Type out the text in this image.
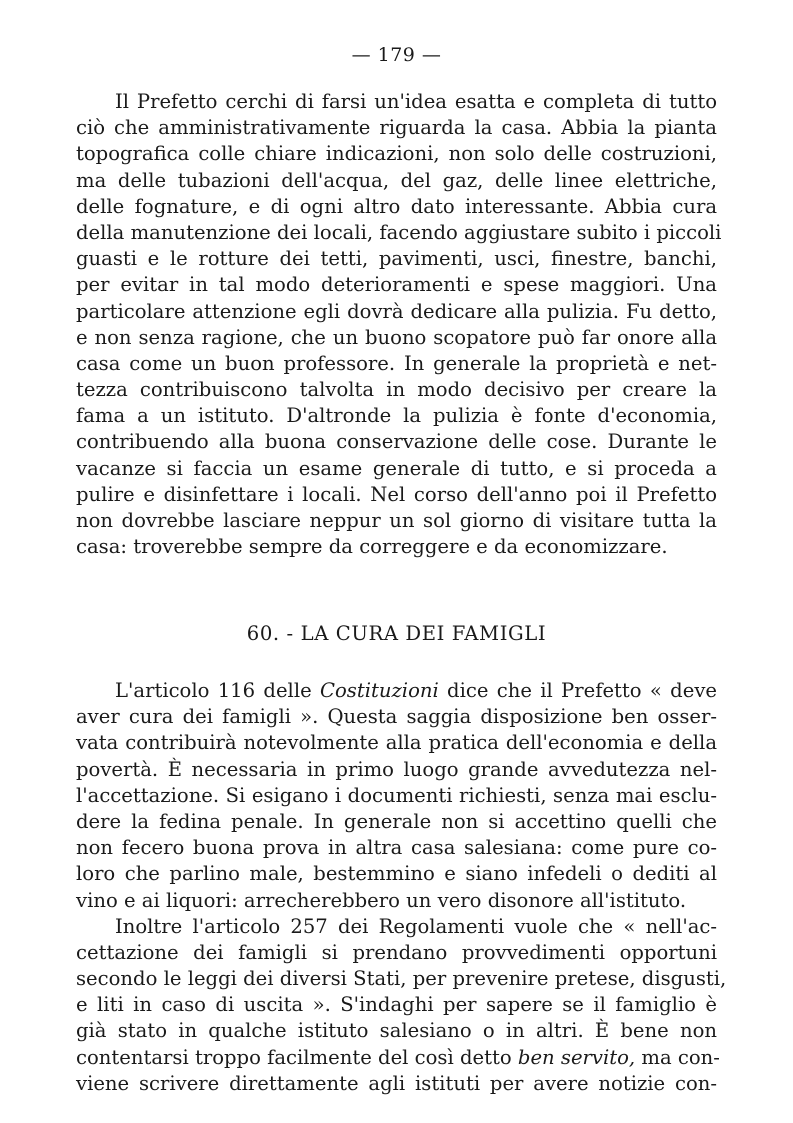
— 179 —
Il Prefetto cerchi di farsi un'idea esatta e completa di tutto
ciò che amministrativamente riguarda la casa. Abbia la pianta
topografica colle chiare indicazioni, non solo delle costruzioni,
ma delle tubazioni dell'acqua, del gaz, delle linee elettriche,
delle fognature, e di ogni altro dato interessante. Abbia cura
della manutenzione dei locali, facendo aggiustare subito i piccoli
guasti e le rotture dei tetti, pavimenti, usci, finestre, banchi,
per evitar in tal modo deterioramenti e spese maggiori. Una
particolare attenzione egli dovrà dedicare alla pulizia. Fu detto,
e non senza ragione, che un buono scopatore può far onore alla
casa come un buon professore. In generale la proprietà e net-
tezza contribuiscono talvolta in modo decisivo per creare la
fama a un istituto. D'altronde la pulizia è fonte d'economia,
contribuendo alla buona conservazione delle cose. Durante le
vacanze si faccia un esame generale di tutto, e si proceda a
pulire e disinfettare i locali. Nel corso dell'anno poi il Prefetto
non dovrebbe lasciare neppur un sol giorno di visitare tutta la
casa: troverebbe sempre da correggere e da economizzare.
60. - LA CURA DEI FAMIGLI
L'articolo 116 delle Costituzioni dice che il Prefetto « deve
aver cura dei famigli ». Questa saggia disposizione ben osser-
vata contribuirà notevolmente alla pratica dell'economia e della
povertà. È necessaria in primo luogo grande avvedutezza nel-
l'accettazione. Si esigano i documenti richiesti, senza mai esclu-
dere la fedina penale. In generale non si accettino quelli che
non fecero buona prova in altra casa salesiana: come pure co-
loro che parlino male, bestemmino e siano infedeli o dediti al
vino e ai liquori: arrecherebbero un vero disonore all'istituto.
Inoltre l'articolo 257 dei Regolamenti vuole che « nell'ac-
cettazione dei famigli si prendano provvedimenti opportuni
secondo le leggi dei diversi Stati, per prevenire pretese, disgusti,
e liti in caso di uscita ». S'indaghi per sapere se il famiglio è
già stato in qualche istituto salesiano o in altri. È bene non
contentarsi troppo facilmente del così detto ben servito, ma con-
viene scrivere direttamente agli istituti per avere notizie con-
